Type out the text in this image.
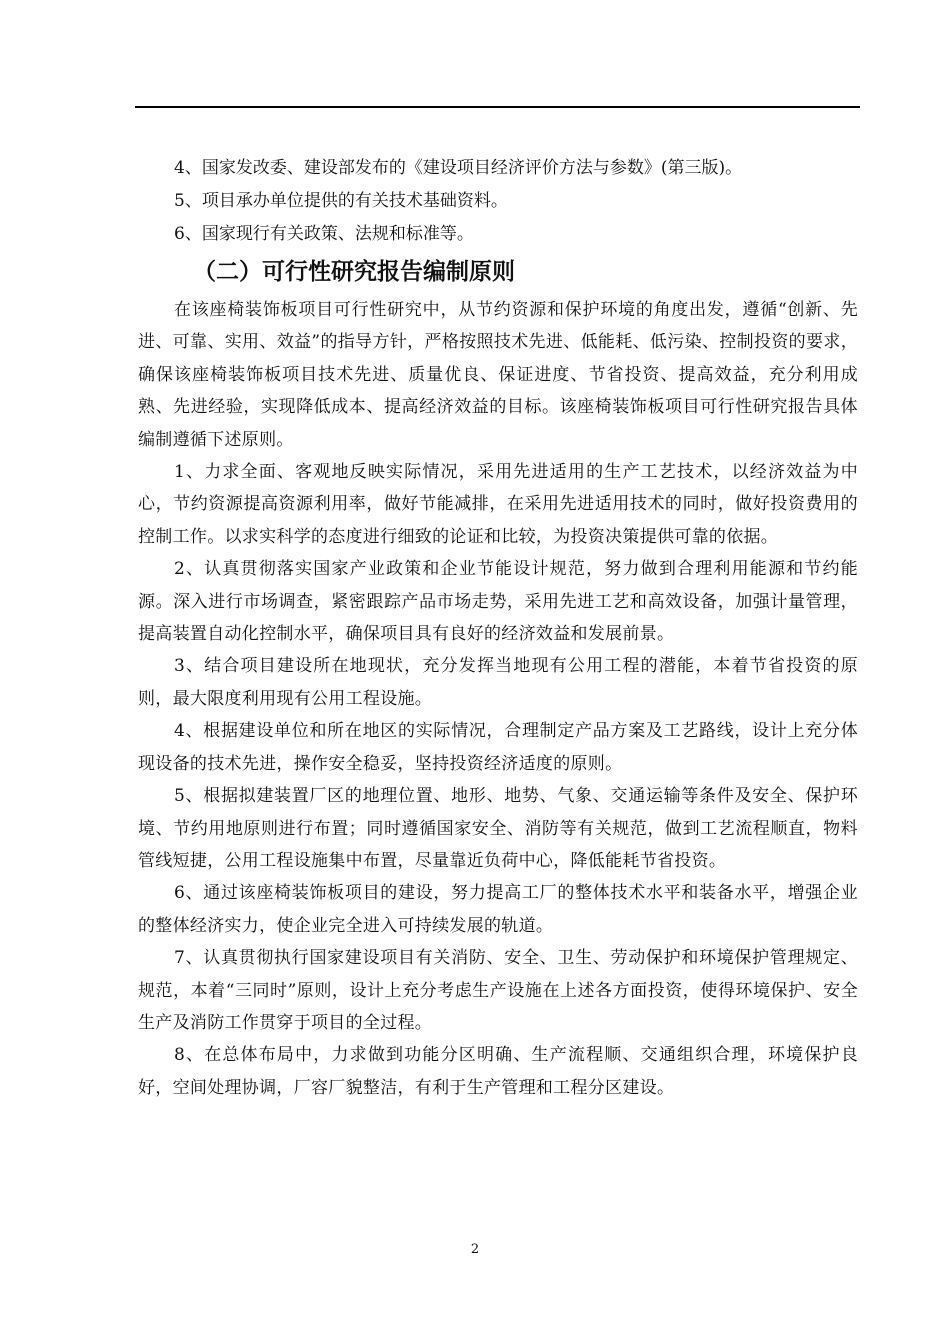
4、国家发改委、建设部发布的《建设项目经济评价方法与参数》(第三版)。

5、项目承办单位提供的有关技术基础资料。

6、国家现行有关政策、法规和标准等。

（二）可行性研究报告编制原则

在该座椅装饰板项目可行性研究中，从节约资源和保护环境的角度出发，遵循“创新、先进、可靠、实用、效益”的指导方针，严格按照技术先进、低能耗、低污染、控制投资的要求，确保该座椅装饰板项目技术先进、质量优良、保证进度、节省投资、提高效益，充分利用成熟、先进经验，实现降低成本、提高经济效益的目标。该座椅装饰板项目可行性研究报告具体编制遵循下述原则。

1、力求全面、客观地反映实际情况，采用先进适用的生产工艺技术，以经济效益为中心，节约资源提高资源利用率，做好节能减排，在采用先进适用技术的同时，做好投资费用的控制工作。以求实科学的态度进行细致的论证和比较，为投资决策提供可靠的依据。

2、认真贯彻落实国家产业政策和企业节能设计规范，努力做到合理利用能源和节约能源。深入进行市场调查，紧密跟踪产品市场走势，采用先进工艺和高效设备，加强计量管理，提高装置自动化控制水平，确保项目具有良好的经济效益和发展前景。

3、结合项目建设所在地现状，充分发挥当地现有公用工程的潜能，本着节省投资的原则，最大限度利用现有公用工程设施。

4、根据建设单位和所在地区的实际情况，合理制定产品方案及工艺路线，设计上充分体现设备的技术先进，操作安全稳妥，坚持投资经济适度的原则。

5、根据拟建装置厂区的地理位置、地形、地势、气象、交通运输等条件及安全、保护环境、节约用地原则进行布置；同时遵循国家安全、消防等有关规范，做到工艺流程顺直，物料管线短捷，公用工程设施集中布置，尽量靠近负荷中心，降低能耗节省投资。

6、通过该座椅装饰板项目的建设，努力提高工厂的整体技术水平和装备水平，增强企业的整体经济实力，使企业完全进入可持续发展的轨道。

7、认真贯彻执行国家建设项目有关消防、安全、卫生、劳动保护和环境保护管理规定、规范，本着“三同时”原则，设计上充分考虑生产设施在上述各方面投资，使得环境保护、安全生产及消防工作贯穿于项目的全过程。

8、在总体布局中，力求做到功能分区明确、生产流程顺、交通组织合理，环境保护良好，空间处理协调，厂容厂貌整洁，有利于生产管理和工程分区建设。

2
